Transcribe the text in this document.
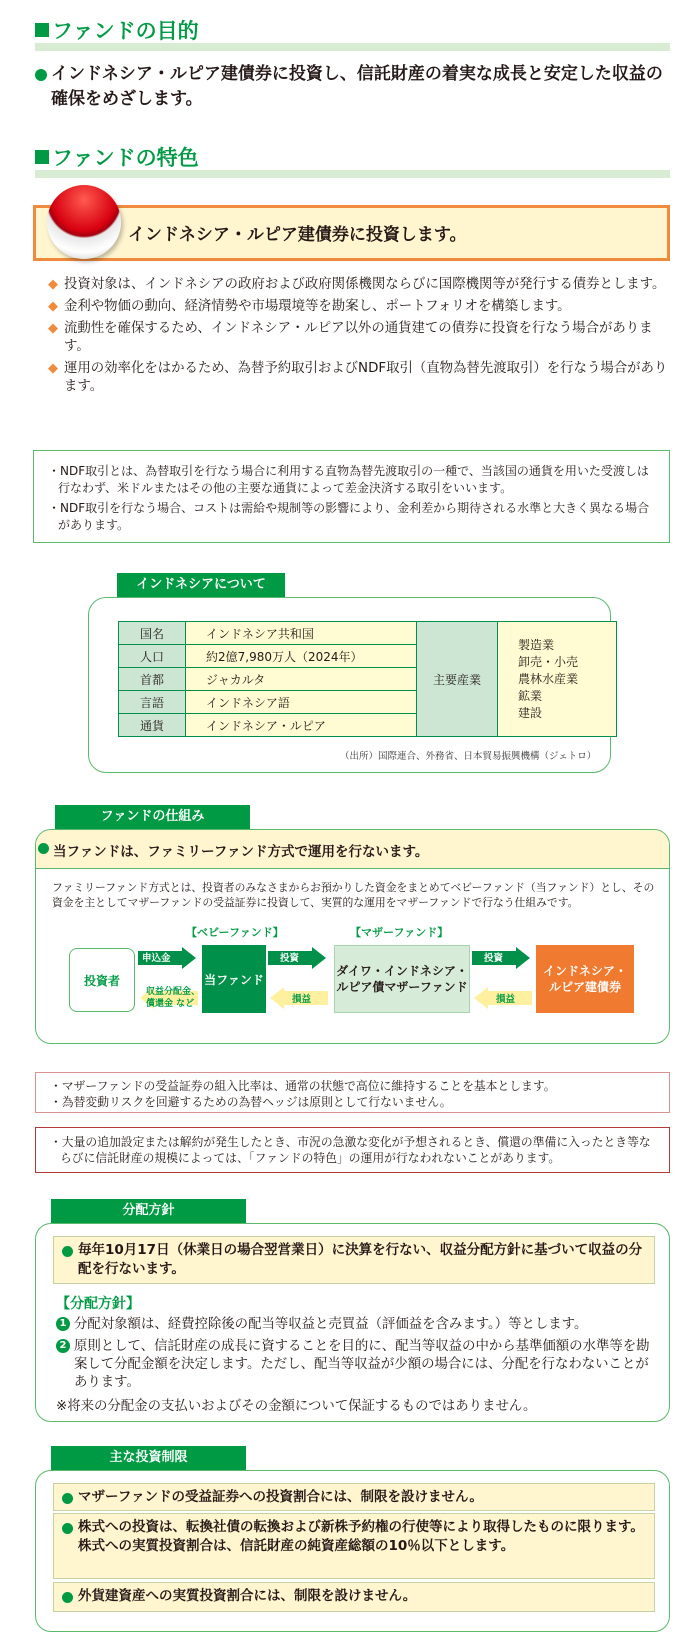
ファンドの目的
インドネシア・ルピア建債券に投資し、信託財産の着実な成長と安定した収益の確保をめざします。
ファンドの特色
インドネシア・ルピア建債券に投資します。
◆ 投資対象は、インドネシアの政府および政府関係機関ならびに国際機関等が発行する債券とします。
◆ 金利や物価の動向、経済情勢や市場環境等を勘案し、ポートフォリオを構築します。
◆ 流動性を確保するため、インドネシア・ルピア以外の通貨建ての債券に投資を行なう場合があります。
◆ 運用の効率化をはかるため、為替予約取引およびNDF取引（直物為替先渡取引）を行なう場合があります。

・NDF取引とは、為替取引を行なう場合に利用する直物為替先渡取引の一種で、当該国の通貨を用いた受渡しは行なわず、米ドルまたはその他の主要な通貨によって差金決済する取引をいいます。

・NDF取引を行なう場合、コストは需給や規制等の影響により、金利差から期待される水準と大きく異なる場合があります。

インドネシアについて
国名	インドネシア共和国	主要産業	製造業
卸売・小売
農林水産業
鉱業
建設

人口	約2億7,980万人（2024年）		
首都	ジャカルタ		
言語	インドネシア語		
通貨	インドネシア・ルピア		
（出所）国際連合、外務省、日本貿易振興機構（ジェトロ）
ファンドの仕組み
当ファンドは、ファミリーファンド方式で運用を行ないます。
ファミリーファンド方式とは、投資者のみなさまからお預かりした資金をまとめてベビーファンド（当ファンド）とし、その資金を主としてマザーファンドの受益証券に投資して、実質的な運用をマザーファンドで行なう仕組みです。
【ベビーファンド】	【マザーファンド】
投資者	当ファンド
ダイワ・インドネシア・
ルピア債マザーファンド
インドネシア・
ルピア建債券
申込金	投資	投資
収益分配金、
償還金 など	損益	損益

・マザーファンドの受益証券の組入比率は、通常の状態で高位に維持することを基本とします。

・為替変動リスクを回避するための為替ヘッジは原則として行ないません。

・大量の追加設定または解約が発生したとき、市況の急激な変化が予想されるとき、償還の準備に入ったとき等ならびに信託財産の規模によっては、「ファンドの特色」の運用が行なわれないことがあります。

分配方針
毎年10月17日（休業日の場合翌営業日）に決算を行ない、収益分配方針に基づいて収益の分配を行ないます。
【分配方針】
1 分配対象額は、経費控除後の配当等収益と売買益（評価益を含みます。）等とします。
2 原則として、信託財産の成長に資することを目的に、配当等収益の中から基準価額の水準等を勘案して分配金額を決定します。ただし、配当等収益が少額の場合には、分配を行なわないことがあります。
※将来の分配金の支払いおよびその金額について保証するものではありません。
主な投資制限
マザーファンドの受益証券への投資割合には、制限を設けません。
株式への投資は、転換社債の転換および新株予約権の行使等により取得したものに限ります。
株式への実質投資割合は、信託財産の純資産総額の10％以下とします。
外貨建資産への実質投資割合には、制限を設けません。
